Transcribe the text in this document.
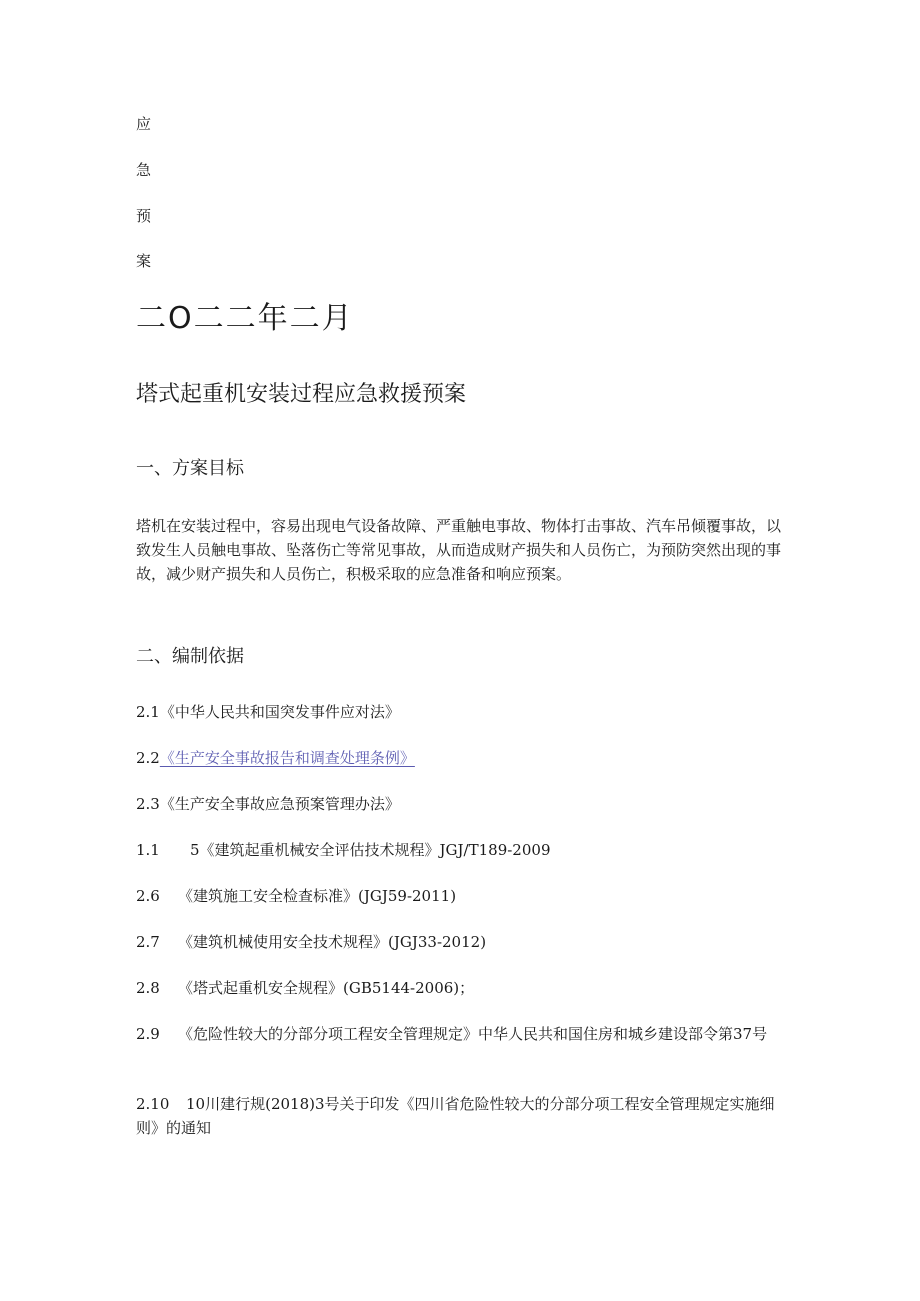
应
急
预
案
二O二二年二月
塔式起重机安装过程应急救援预案
一、方案目标
塔机在安装过程中，容易出现电气设备故障、严重触电事故、物体打击事故、汽车吊倾覆事故，以致发生人员触电事故、坠落伤亡等常见事故，从而造成财产损失和人员伤亡，为预防突然出现的事故，减少财产损失和人员伤亡，积极采取的应急准备和响应预案。
二、编制依据
2.1《中华人民共和国突发事件应对法》
2.2《生产安全事故报告和调查处理条例》
2.3《生产安全事故应急预案管理办法》
1.1 5《建筑起重机械安全评估技术规程》JGJ/T189-2009
2.6 《建筑施工安全检查标准》(JGJ59-2011)
2.7 《建筑机械使用安全技术规程》(JGJ33-2012)
2.8 《塔式起重机安全规程》(GB5144-2006)；
2.9 《危险性较大的分部分项工程安全管理规定》中华人民共和国住房和城乡建设部令第37号
2.10 10川建行规(2018)3号关于印发《四川省危险性较大的分部分项工程安全管理规定实施细则》的通知
